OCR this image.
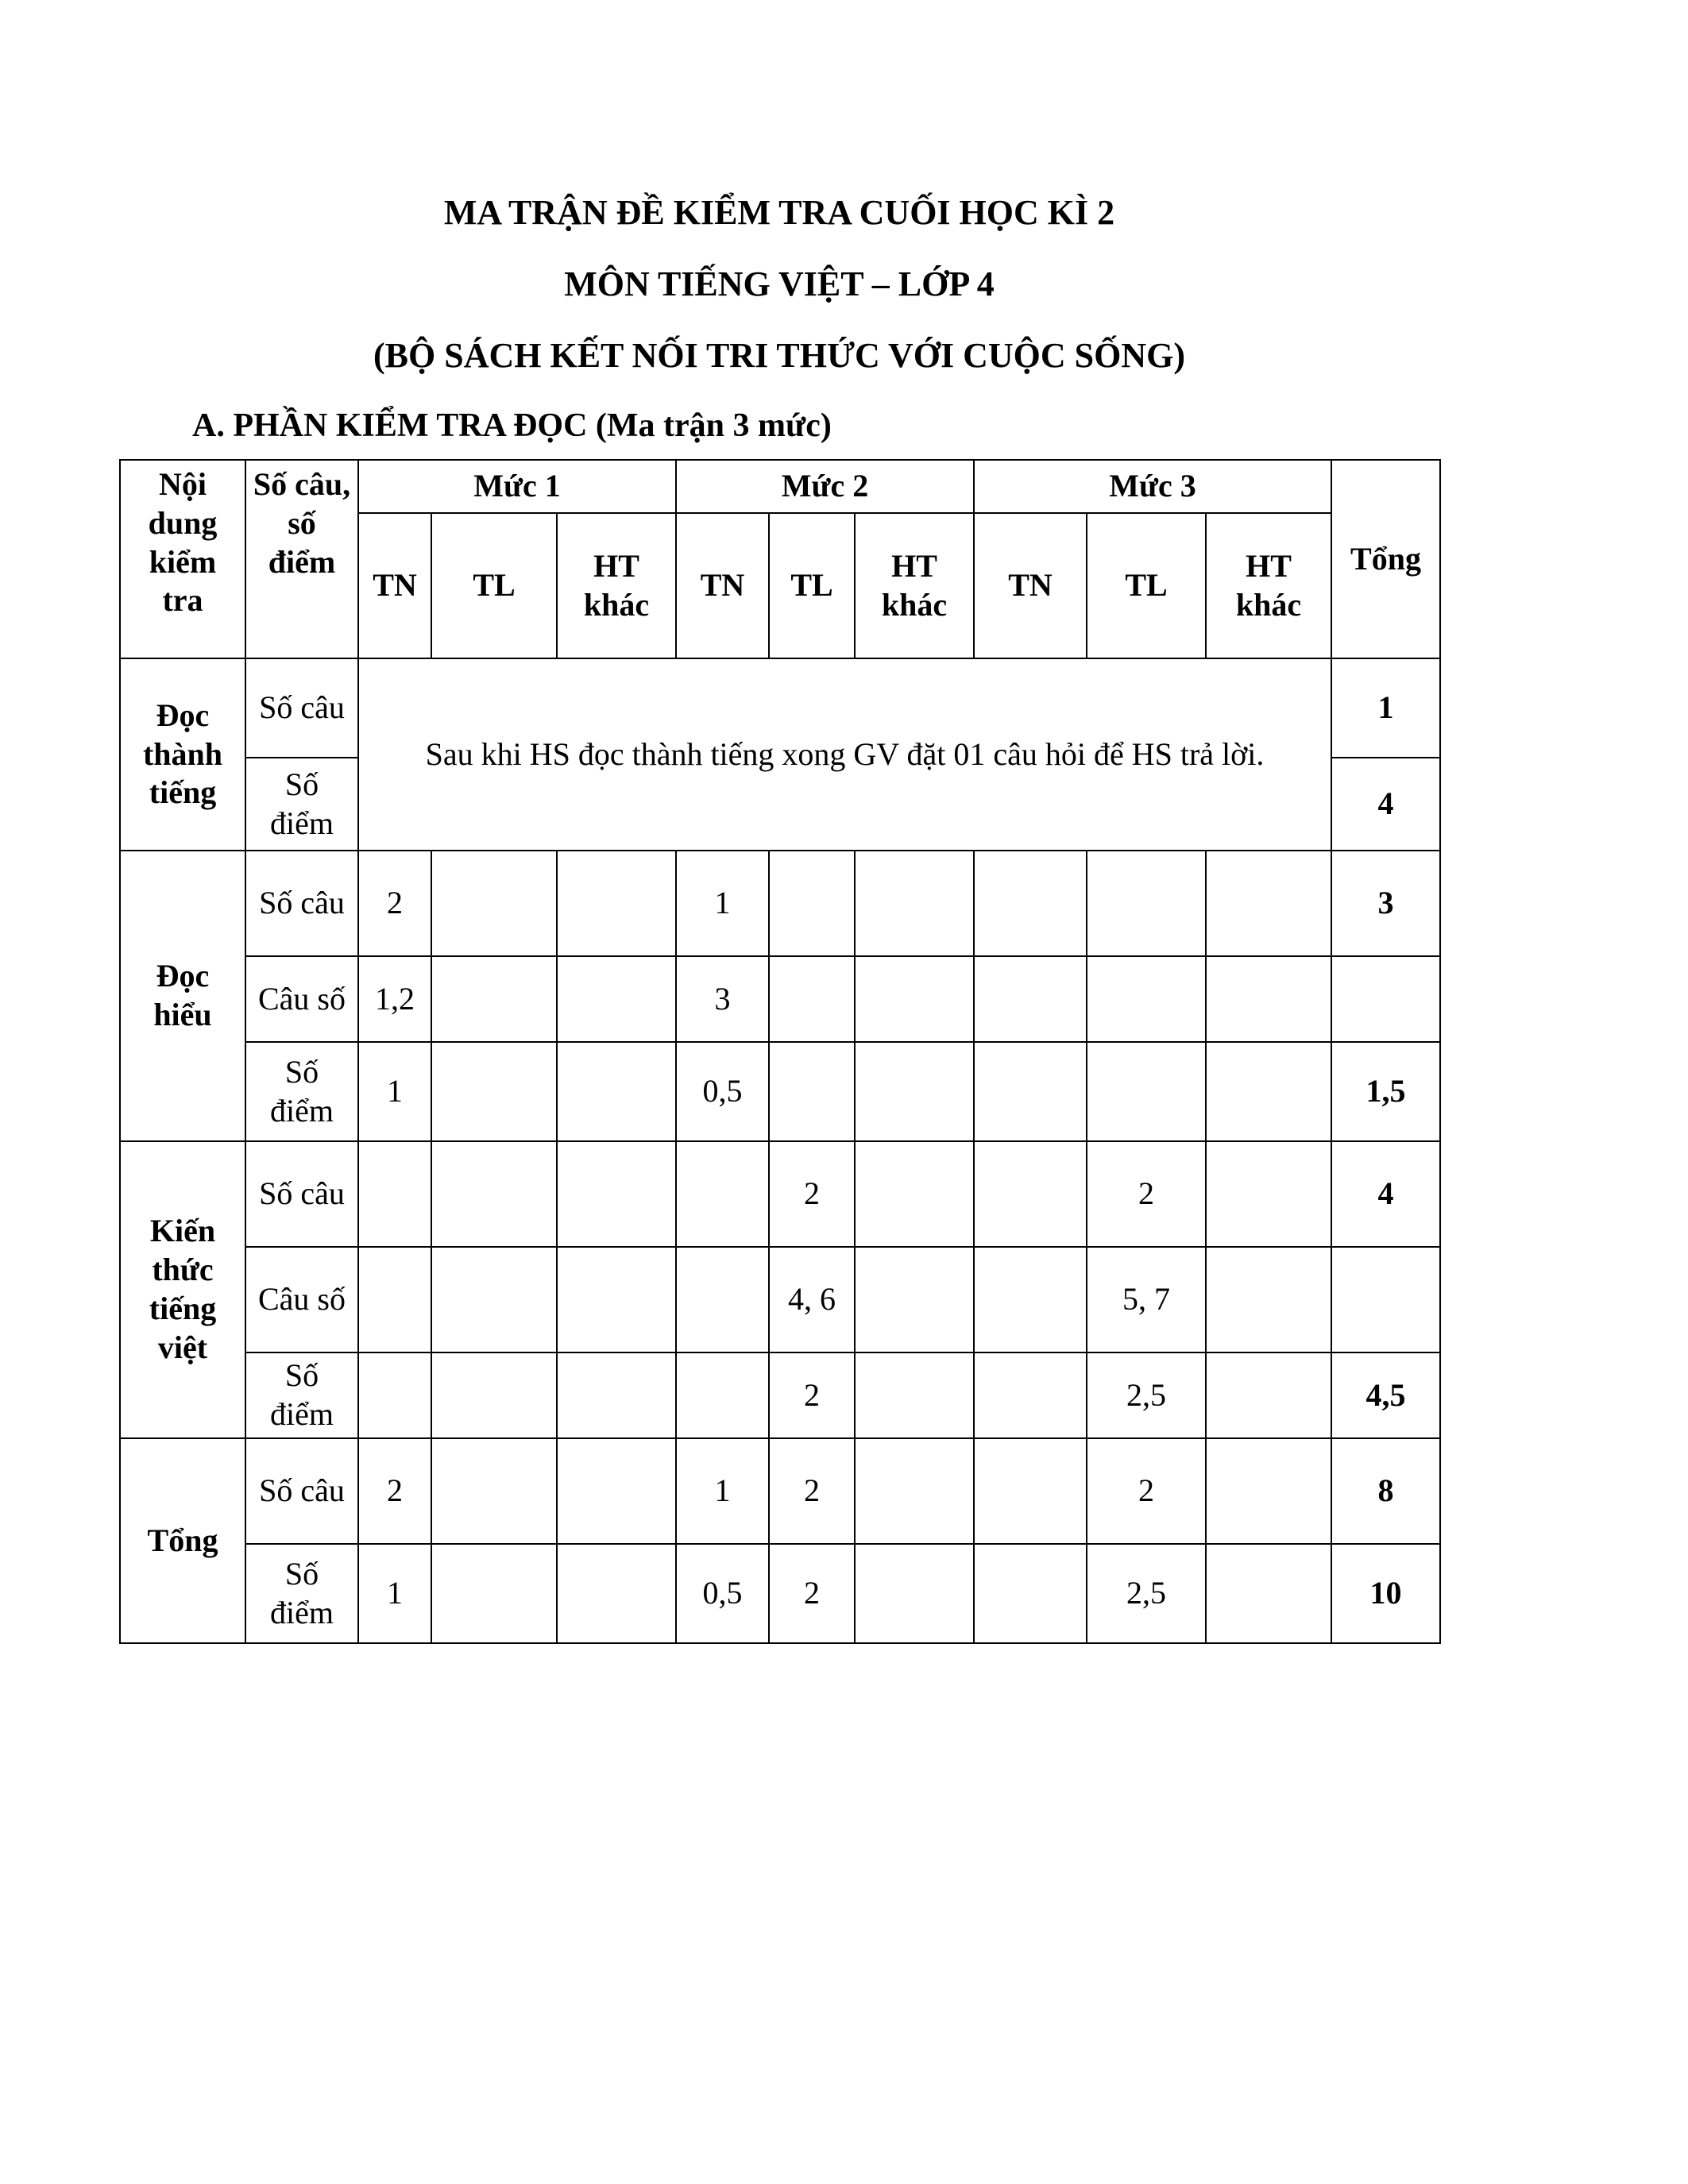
MA TRẬN ĐỀ KIỂM TRA CUỐI HỌC KÌ 2
MÔN TIẾNG VIỆT – LỚP 4
(BỘ SÁCH KẾT NỐI TRI THỨC VỚI CUỘC SỐNG)
A. PHẦN KIỂM TRA ĐỌC (Ma trận 3 mức)
Nội dung kiểm tra	Số câu, số điểm	Mức 1			Mức 2			Mức 3			Tổng
		TN	TL	HT khác	TN	TL	HT khác	TN	TL	HT khác	
Đọc thành tiếng	Số câu	Sau khi HS đọc thành tiếng xong GV đặt 01 câu hỏi để HS trả lời.									1
	Số điểm										4
Đọc hiểu	Số câu	2			1						3
	Câu số	1,2			3						
	Số điểm	1			0,5						1,5
Kiến thức tiếng việt	Số câu					2			2		4
	Câu số					4, 6			5, 7		
	Số điểm					2			2,5		4,5
Tổng	Số câu	2			1	2			2		8
	Số điểm	1			0,5	2			2,5		10
